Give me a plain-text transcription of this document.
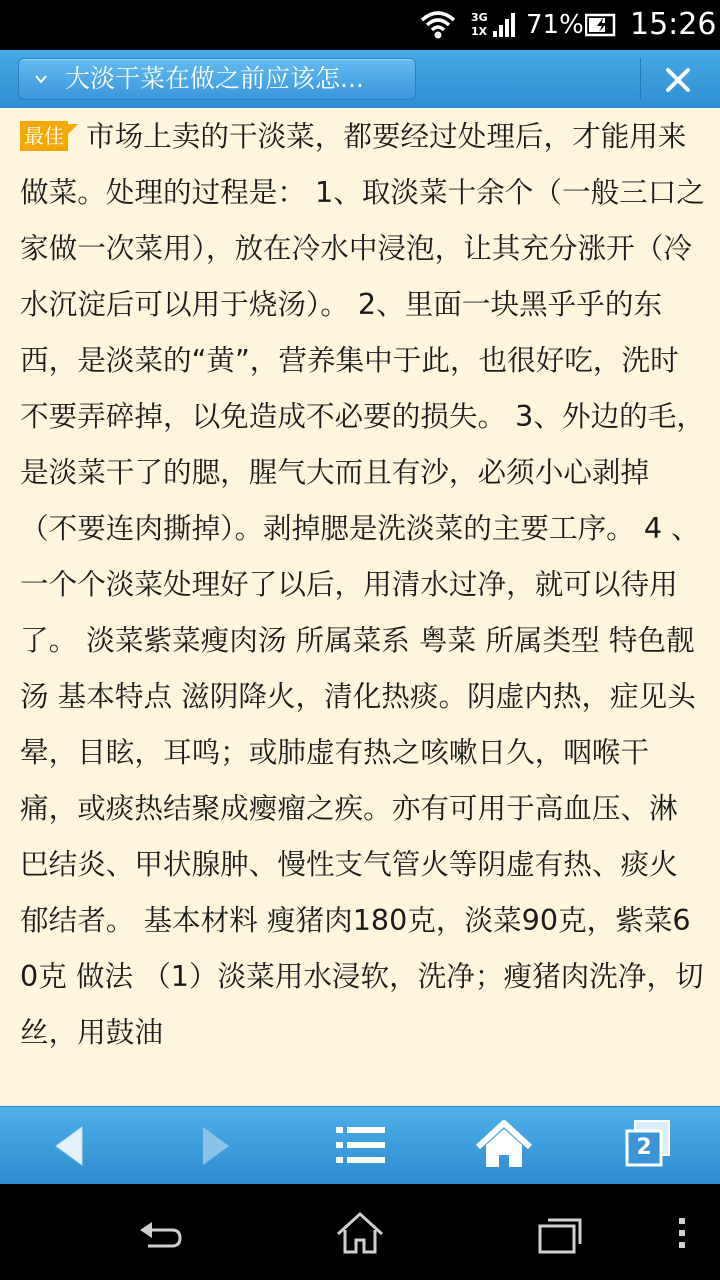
3G
1X 71% 15:26
大淡干菜在做之前应该怎...

最佳 市场上卖的干淡菜，都要经过处理后，才能用来做菜。处理的过程是： 1、取淡菜十余个（一般三口之家做一次菜用），放在冷水中浸泡，让其充分涨开（冷水沉淀后可以用于烧汤）。 2、里面一块黑乎乎的东西，是淡菜的“黄”，营养集中于此，也很好吃，洗时不要弄碎掉，以免造成不必要的损失。 3、外边的毛，是淡菜干了的腮，腥气大而且有沙，必须小心剥掉（不要连肉撕掉）。剥掉腮是洗淡菜的主要工序。 4 、一个个淡菜处理好了以后，用清水过净，就可以待用了。 淡菜紫菜瘦肉汤 所属菜系 粤菜 所属类型 特色靓汤 基本特点 滋阴降火，清化热痰。阴虚内热，症见头晕，目眩，耳鸣；或肺虚有热之咳嗽日久，咽喉干痛，或痰热结聚成瘿瘤之疾。亦有可用于高血压、淋巴结炎、甲状腺肿、慢性支气管火等阴虚有热、痰火郁结者。 基本材料 瘦猪肉180克，淡菜90克，紫菜60克 做法 （1）淡菜用水浸软，洗净；瘦猪肉洗净，切丝，用鼓油

2
